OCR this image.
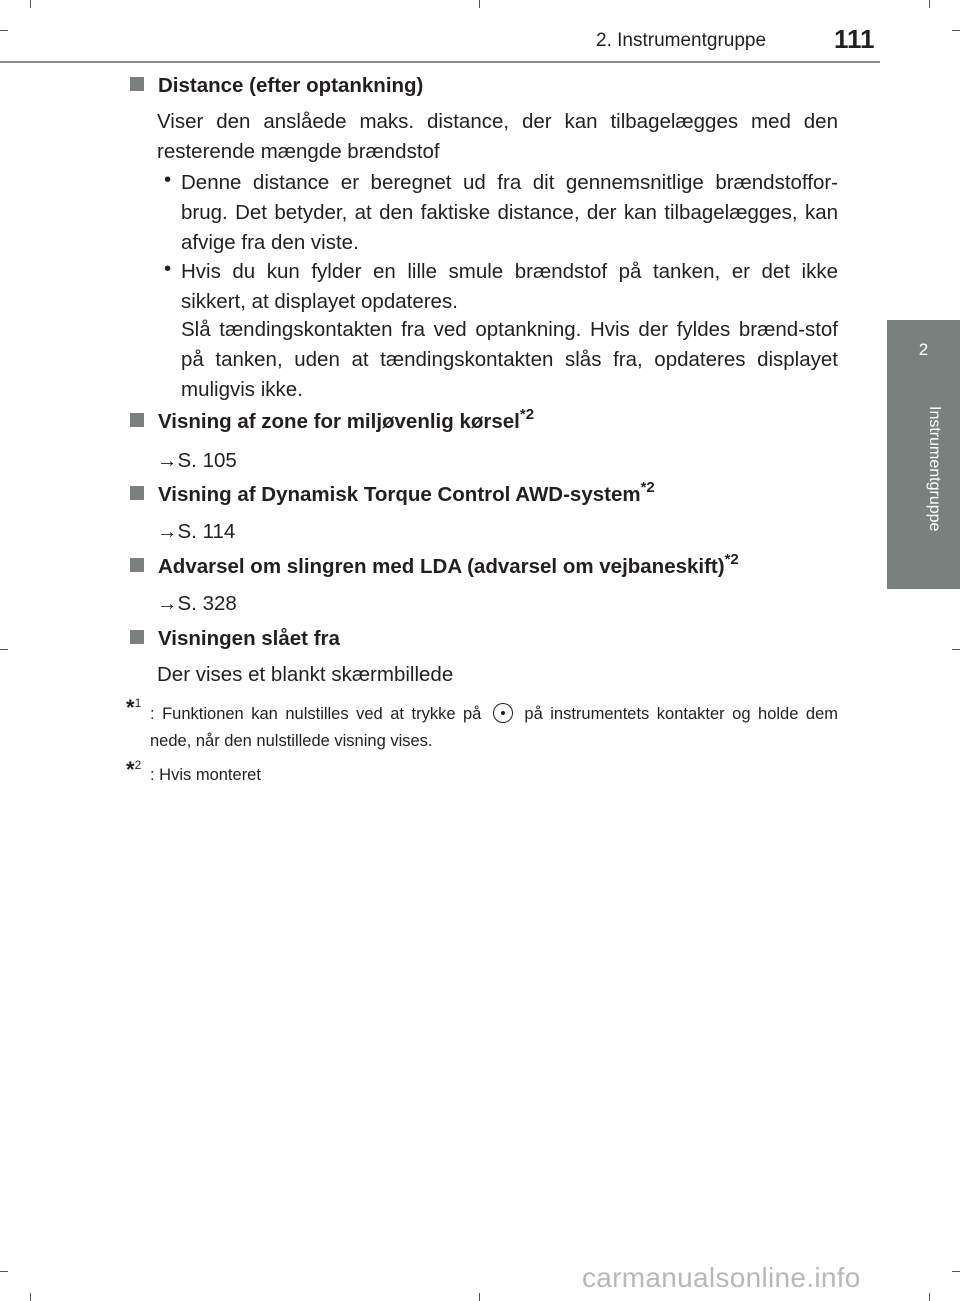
2. Instrumentgruppe	111
2
Instrumentgruppe
Distance (efter optankning)
Viser den anslåede maks. distance, der kan tilbagelægges med den resterende mængde brændstof
• Denne distance er beregnet ud fra dit gennemsnitlige brændstoffor-brug. Det betyder, at den faktiske distance, der kan tilbagelægges, kan afvige fra den viste.
• Hvis du kun fylder en lille smule brændstof på tanken, er det ikke sikkert, at displayet opdateres.
Slå tændingskontakten fra ved optankning. Hvis der fyldes brænd-stof på tanken, uden at tændingskontakten slås fra, opdateres displayet muligvis ikke.
Visning af zone for miljøvenlig kørsel$^{*2}$
→S. 105
Visning af Dynamisk Torque Control AWD-system$^{*2}$
→S. 114
Advarsel om slingren med LDA (advarsel om vejbaneskift)$^{*2}$
→S. 328
Visningen slået fra
Der vises et blankt skærmbillede
*$^1$
: Funktionen kan nulstilles ved at trykke på	på instrumentets kontakter og holde dem nede, når den nulstillede visning vises.
*$^2$
: Hvis monteret
carmanualsonline.info
